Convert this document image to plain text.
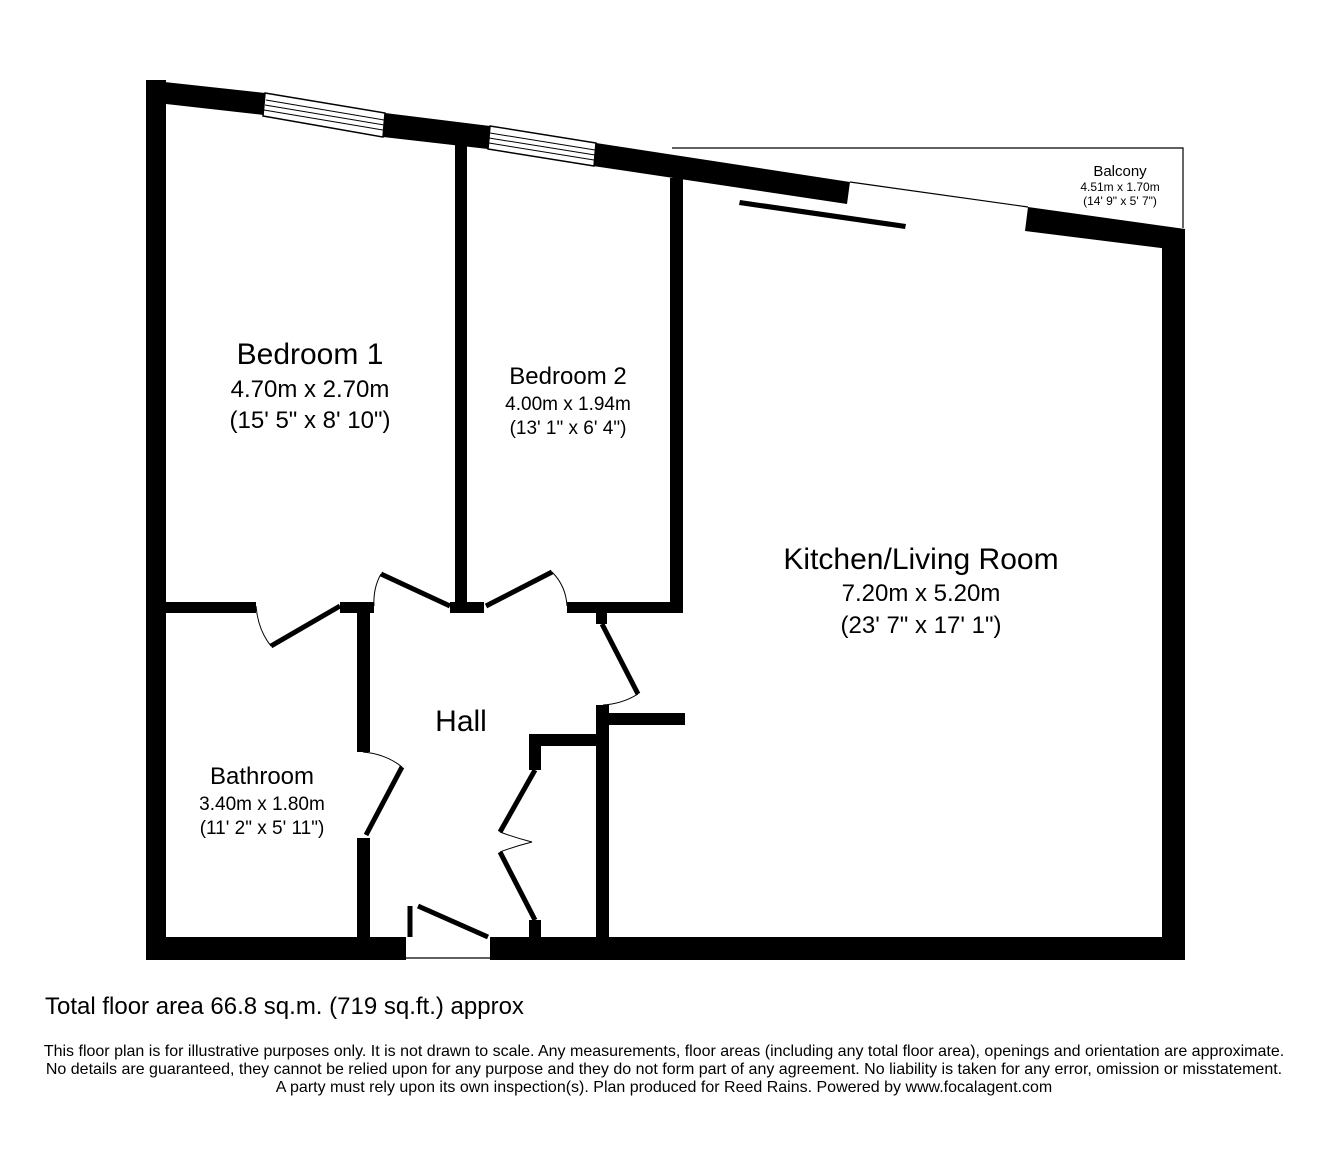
Bedroom 1
4.70m x 2.70m
(15' 5" x 8' 10")
Bedroom 2
4.00m x 1.94m
(13' 1" x 6' 4")
Kitchen/Living Room
7.20m x 5.20m
(23' 7" x 17' 1")
Bathroom
3.40m x 1.80m
(11' 2" x 5' 11")
Hall
Balcony
4.51m x 1.70m
(14' 9" x 5' 7")
Total floor area 66.8 sq.m. (719 sq.ft.) approx
This floor plan is for illustrative purposes only. It is not drawn to scale. Any measurements, floor areas (including any total floor area), openings and orientation are approximate. No details are guaranteed, they cannot be relied upon for any purpose and they do not form part of any agreement. No liability is taken for any error, omission or misstatement. A party must rely upon its own inspection(s). Plan produced for Reed Rains. Powered by www.focalagent.com
